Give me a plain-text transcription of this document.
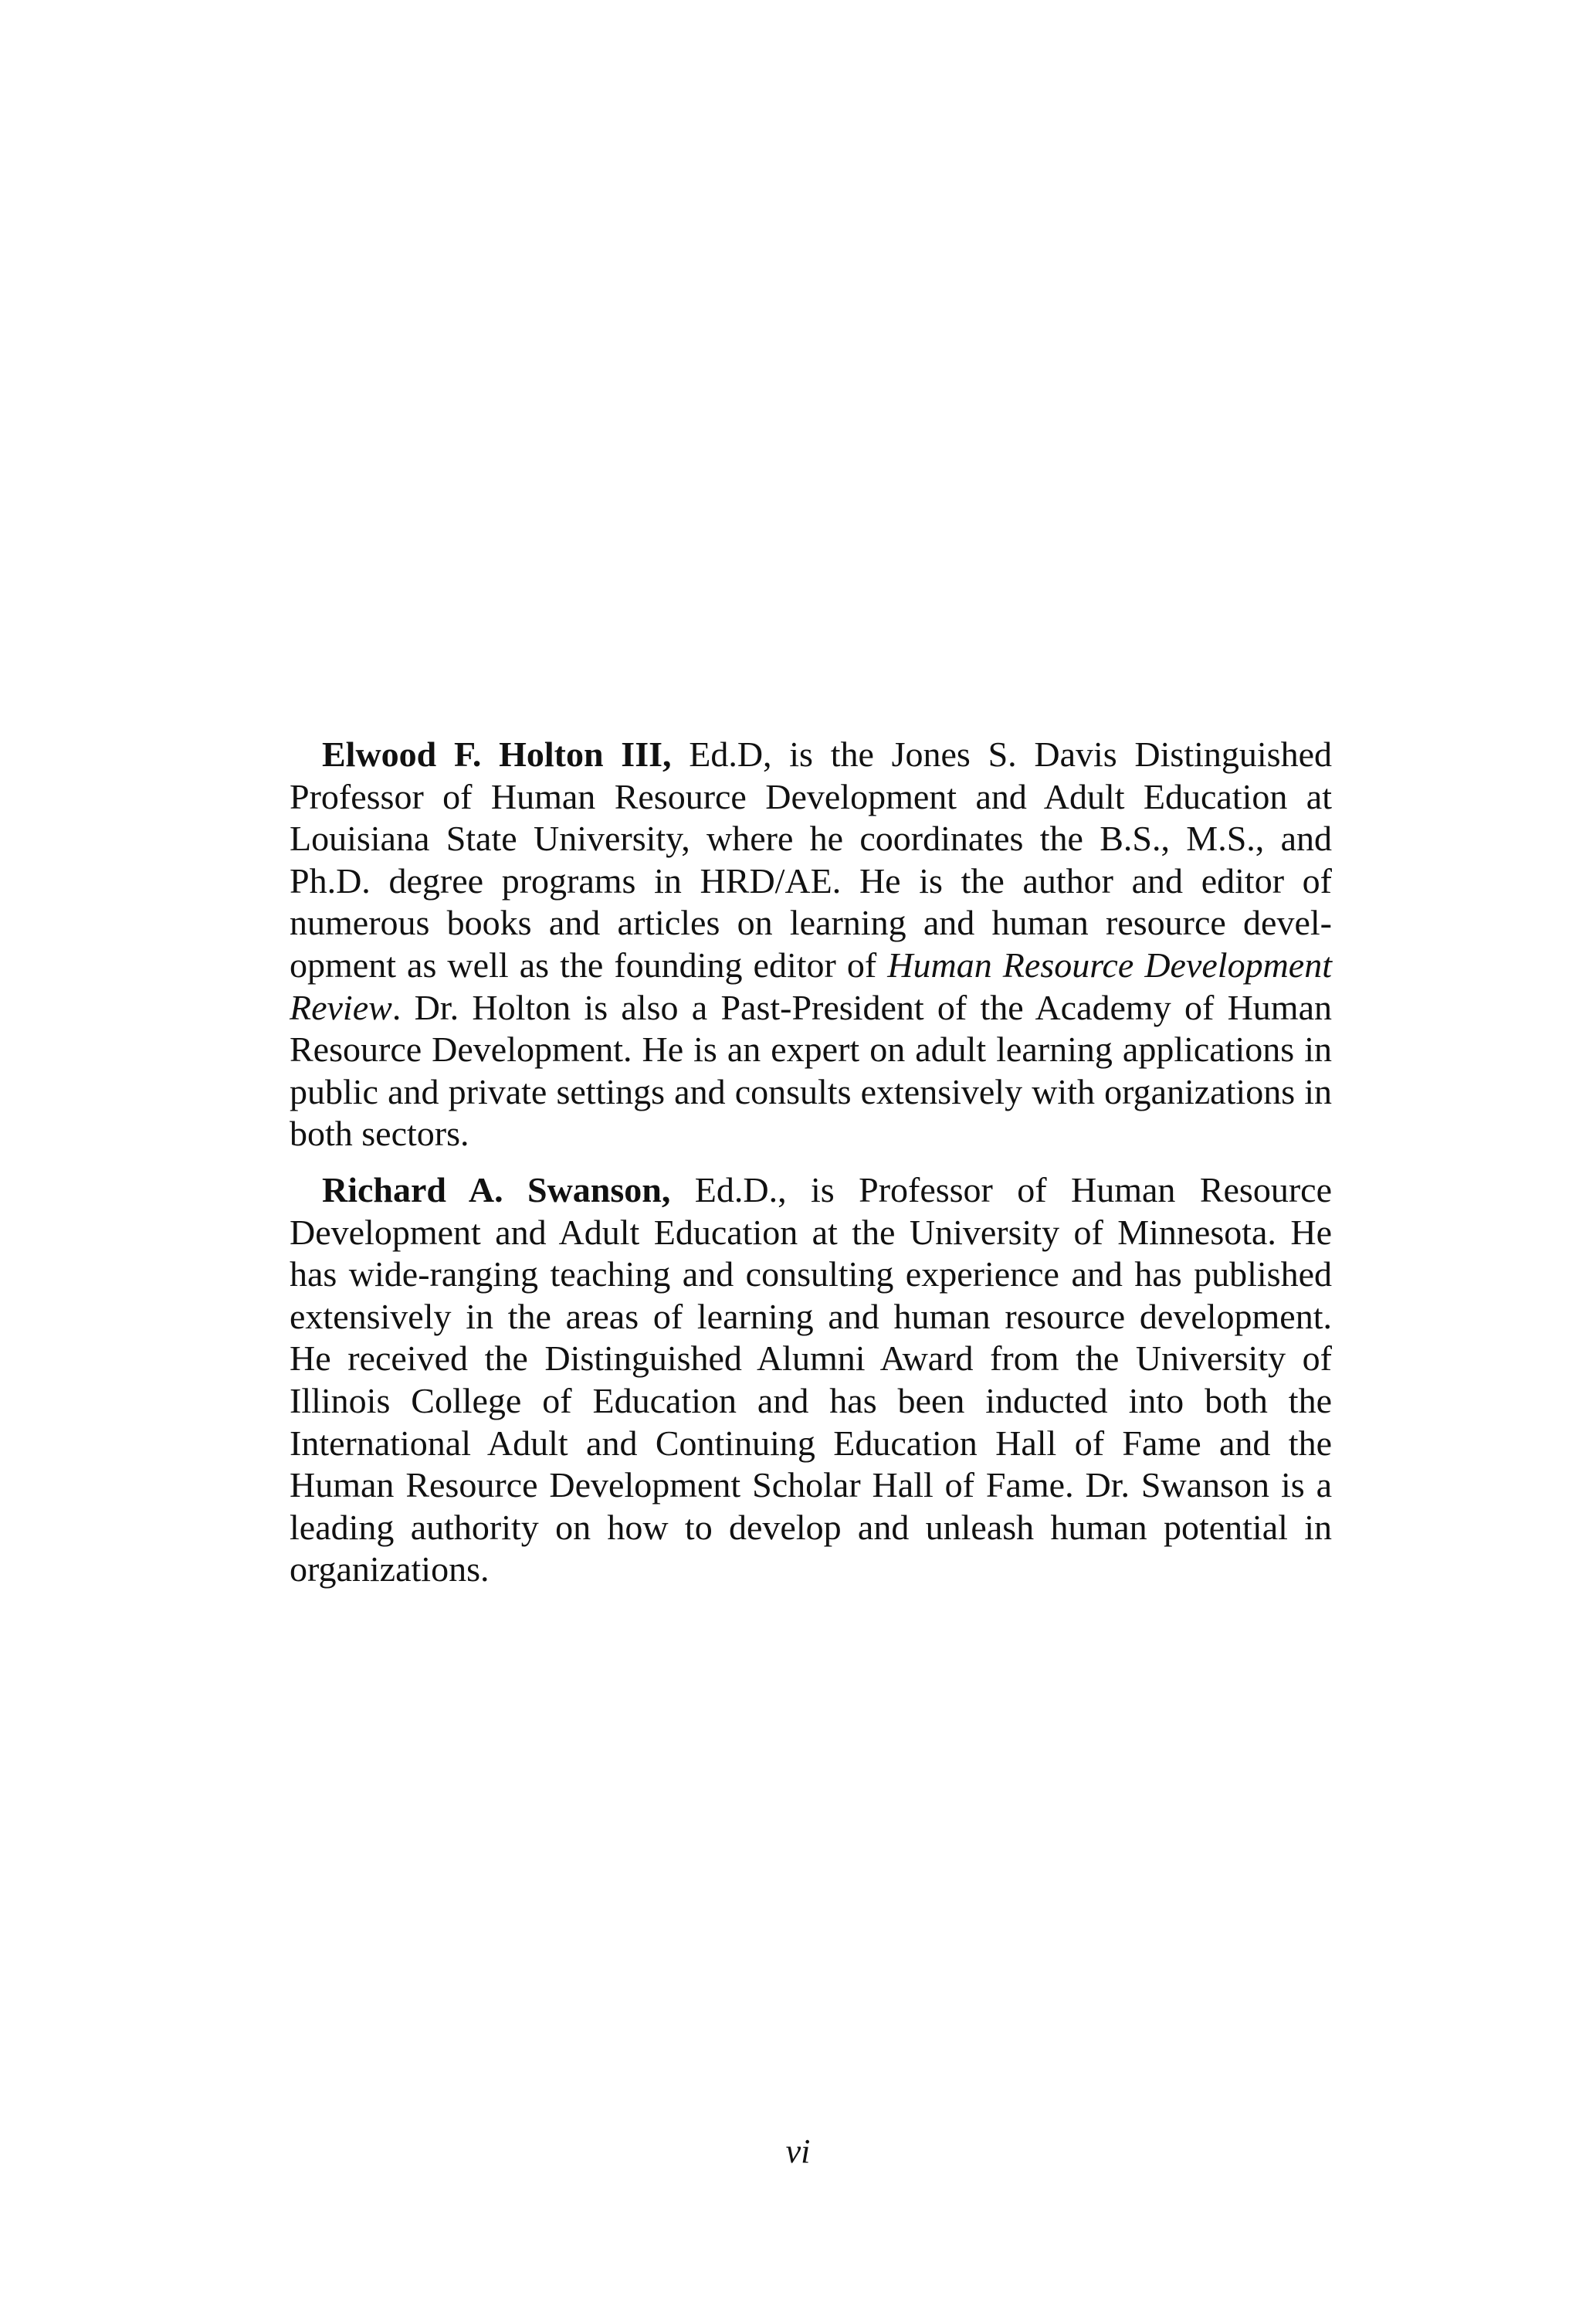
Elwood F. Holton III, Ed.D, is the Jones S. Davis Distinguished Professor of Human Resource Development and Adult Education at Louisiana State University, where he coordinates the B.S., M.S., and Ph.D. degree programs in HRD/AE. He is the author and editor of numerous books and articles on learning and human resource development as well as the founding editor of Human Resource Development Review. Dr. Holton is also a Past-President of the Academy of Human Resource Development. He is an expert on adult learning applications in public and private settings and consults extensively with organizations in both sectors.

Richard A. Swanson, Ed.D., is Professor of Human Resource Development and Adult Education at the University of Minnesota. He has wide-ranging teaching and consulting experience and has published extensively in the areas of learning and human resource development. He received the Distinguished Alumni Award from the University of Illinois College of Education and has been inducted into both the International Adult and Continuing Education Hall of Fame and the Human Resource Development Scholar Hall of Fame. Dr. Swanson is a leading authority on how to develop and unleash human potential in organizations.

vi
